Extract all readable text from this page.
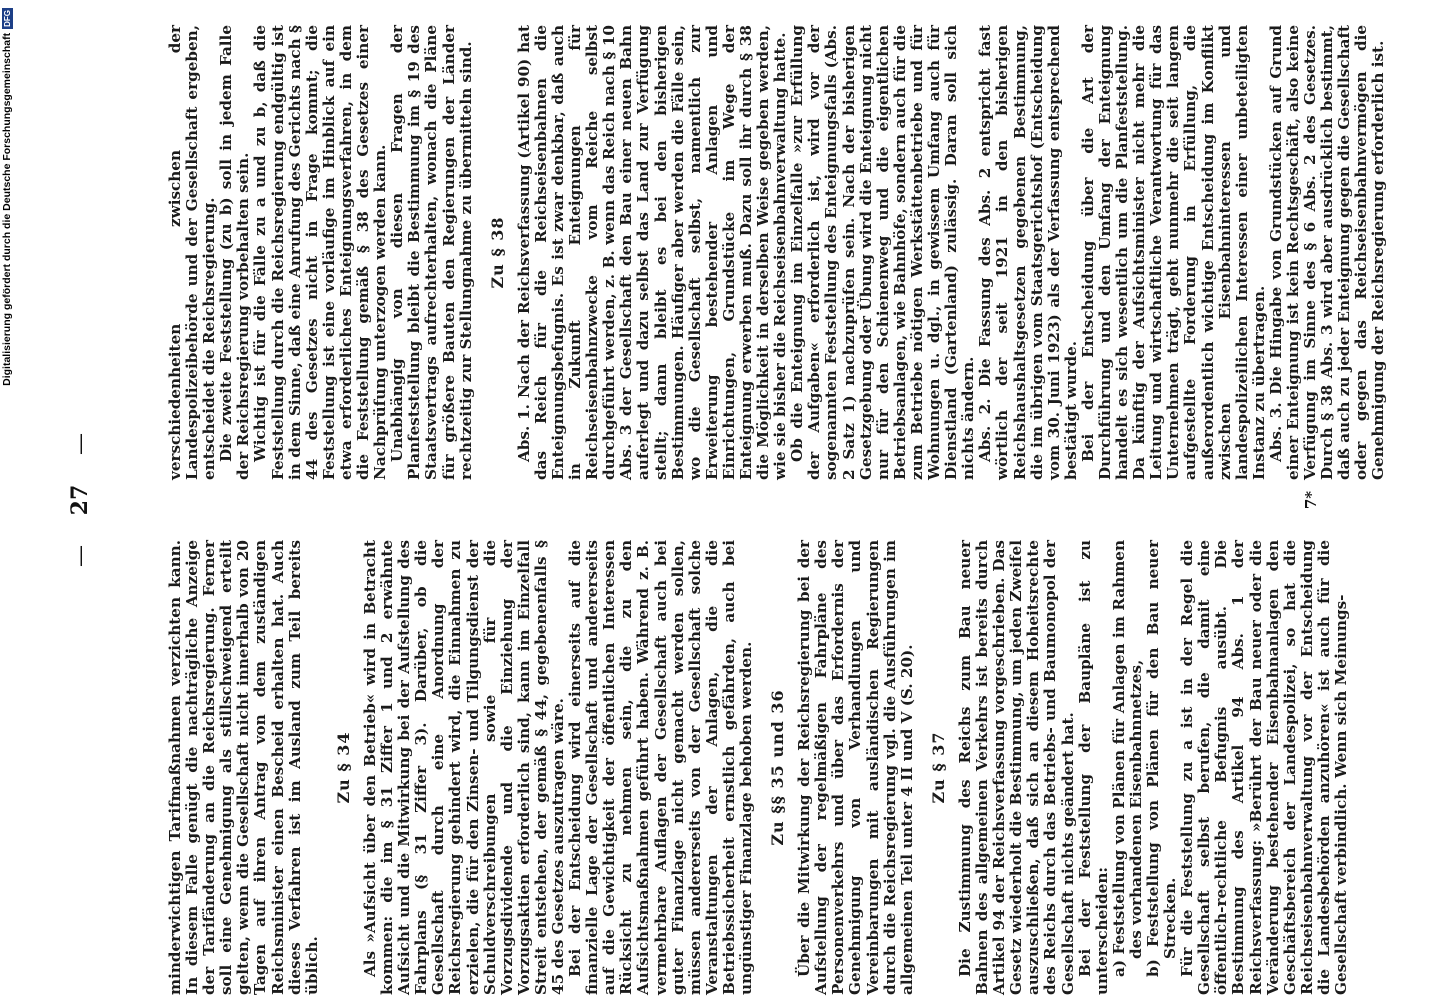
— 27 —

minderwichtigen Tarifmaßnahmen verzichten kann. In diesem Falle genügt die nachträgliche Anzeige der Tarifänderung an die Reichsregierung. Ferner soll eine Genehmigung als stillschweigend erteilt gelten, wenn die Gesellschaft nicht innerhalb von 20 Tagen auf ihren Antrag von dem zuständigen Reichsminister einen Bescheid erhalten hat. Auch dieses Verfahren ist im Ausland zum Teil bereits üblich.

Zu § 34 Als »Aufsicht über den Betrieb« wird in Betracht kommen: die im § 31 Ziffer 1 und 2 erwähnte Aufsicht und die Mitwirkung bei der Aufstellung des Fahrplans (§ 31 Ziffer 3). Darüber, ob die Gesellschaft durch eine Anordnung der Reichsregierung gehindert wird, die Einnahmen zu erzielen, die für den Zinsen- und Tilgungsdienst der Schuldverschreibungen sowie für die Vorzugsdividende und die Einziehung der Vorzugsaktien erforderlich sind, kann im Einzelfall Streit entstehen, der gemäß § 44, gegebenenfalls § 45 des Gesetzes auszutragen wäre. Bei der Entscheidung wird einerseits auf die finanzielle Lage der Gesellschaft und andererseits auf die Gewichtigkeit der öffentlichen Interessen Rücksicht zu nehmen sein, die zu den Aufsichtsmaßnahmen geführt haben. Während z. B. vermehrbare Auflagen der Gesellschaft auch bei guter Finanzlage nicht gemacht werden sollen, müssen andererseits von der Gesellschaft solche Veranstaltungen der Anlagen, die die Betriebssicherheit ernstlich gefährden, auch bei ungünstiger Finanzlage behoben werden. Zu §§ 35 und 36 Über die Mitwirkung der Reichsregierung bei der Aufstellung der regelmäßigen Fahrpläne des Personenverkehrs und über das Erfordernis der Genehmigung von Verhandlungen und Vereinbarungen mit ausländischen Regierungen durch die Reichsregierung vgl. die Ausführungen im allgemeinen Teil unter 4 II und V (S. 20). Zu § 37 Die Zustimmung des Reichs zum Bau neuer Bahnen des allgemeinen Verkehrs ist bereits durch Artikel 94 der Reichsverfassung vorgeschrieben. Das Gesetz wiederholt die Bestimmung, um jeden Zweifel auszuschließen, daß sich an diesem Hoheitsrechte des Reichs durch das Betriebs- und Baumonopol der Gesellschaft nichts geändert hat. Bei der Feststellung der Baupläne ist zu unterscheiden: a) Feststellung von Plänen für Anlagen im Rahmen des vorhandenen Eisenbahnnetzes, b) Feststellung von Plänen für den Bau neuer Strecken. Für die Feststellung zu a ist in der Regel die Gesellschaft selbst berufen, die damit eine öffentlich-rechtliche Befugnis ausübt. Die Bestimmung des Artikel 94 Abs. 1 der Reichsverfassung: »Berührt der Bau neuer oder die Veränderung bestehender Eisenbahnanlagen den Geschäftsbereich der Landespolizei, so hat die Reichseisenbahnverwaltung vor der Entscheidung die Landesbehörden anzuhören« ist auch für die Gesellschaft verbindlich. Wenn sich Meinungs-

verschiedenheiten zwischen der Landespolizeibehörde und der Gesellschaft ergeben, entscheidet die Reichsregierung. Die zweite Feststellung (zu b) soll in jedem Falle der Reichsregierung vorbehalten sein. Wichtig ist für die Fälle zu a und zu b, daß die Feststellung durch die Reichsregierung endgültig ist in dem Sinne, daß eine Anrufung des Gerichts nach § 44 des Gesetzes nicht in Frage kommt; die Feststellung ist eine vorläufige im Hinblick auf ein etwa erforderliches Enteignungsverfahren, in dem die Feststellung gemäß § 38 des Gesetzes einer Nachprüfung unterzogen werden kann. Unabhängig von diesen Fragen der Planfeststellung bleibt die Bestimmung im § 19 des Staatsvertrags aufrechterhalten, wonach die Pläne für größere Bauten den Regierungen der Länder rechtzeitig zur Stellungnahme zu übermitteln sind. Zu § 38 Abs. 1. Nach der Reichsverfassung (Artikel 90) hat das Reich für die Reichseisenbahnen die Enteignungsbefugnis. Es ist zwar denkbar, daß auch in Zukunft Enteignungen für Reichseisenbahnzwecke vom Reiche selbst durchgeführt werden, z. B. wenn das Reich nach § 10 Abs. 3 der Gesellschaft den Bau einer neuen Bahn auferlegt und dazu selbst das Land zur Verfügung stellt; dann bleibt es bei den bisherigen Bestimmungen. Häufiger aber werden die Fälle sein, wo die Gesellschaft selbst, namentlich zur Erweiterung bestehender Anlagen und Einrichtungen, Grundstücke im Wege der Enteignung erwerben muß. Dazu soll ihr durch § 38 die Möglichkeit in derselben Weise gegeben werden, wie sie bisher die Reichseisenbahnverwaltung hatte. Ob die Enteignung im Einzelfalle »zur Erfüllung der Aufgaben« erforderlich ist, wird vor der sogenannten Feststellung des Enteignungsfalls (Abs. 2 Satz 1) nachzuprüfen sein. Nach der bisherigen Gesetzgebung oder Übung wird die Enteignung nicht nur für den Schienenweg und die eigentlichen Betriebsanlagen, wie Bahnhöfe, sondern auch für die zum Betriebe nötigen Werkstättenbetriebe und für Wohnungen u. dgl., in gewissem Umfang auch für Dienstland (Gartenland) zulässig. Daran soll sich nichts ändern. Abs. 2. Die Fassung des Abs. 2 entspricht fast wörtlich der seit 1921 in den bisherigen Reichshaushaltsgesetzen gegebenen Bestimmung, die im übrigen vom Staatsgerichtshof (Entscheidung vom 30. Juni 1923) als der Verfassung entsprechend bestätigt wurde. Bei der Entscheidung über die Art der Durchführung und den Umfang der Enteignung handelt es sich wesentlich um die Planfeststellung. Da künftig der Aufsichtsminister nicht mehr die Leitung und wirtschaftliche Verantwortung für das Unternehmen trägt, geht nunmehr die seit langem aufgestellte Forderung in Erfüllung, die außerordentlich wichtige Entscheidung im Konflikt zwischen Eisenbahninteressen und landespolizeilichen Interessen einer unbeteiligten Instanz zu übertragen. Abs. 3. Die Hingabe von Grundstücken auf Grund einer Enteignung ist kein Rechtsgeschäft, also keine Verfügung im Sinne des § 6 Abs. 2 des Gesetzes. Durch § 38 Abs. 3 wird aber ausdrücklich bestimmt, daß auch zu jeder Enteignung gegen die Gesellschaft oder gegen das Reichseisenbahnvermögen die Genehmigung der Reichsregierung erforderlich ist.

7*
Digitalisierung gefördert durch die Deutsche Forschungsgemeinschaft
DFG
